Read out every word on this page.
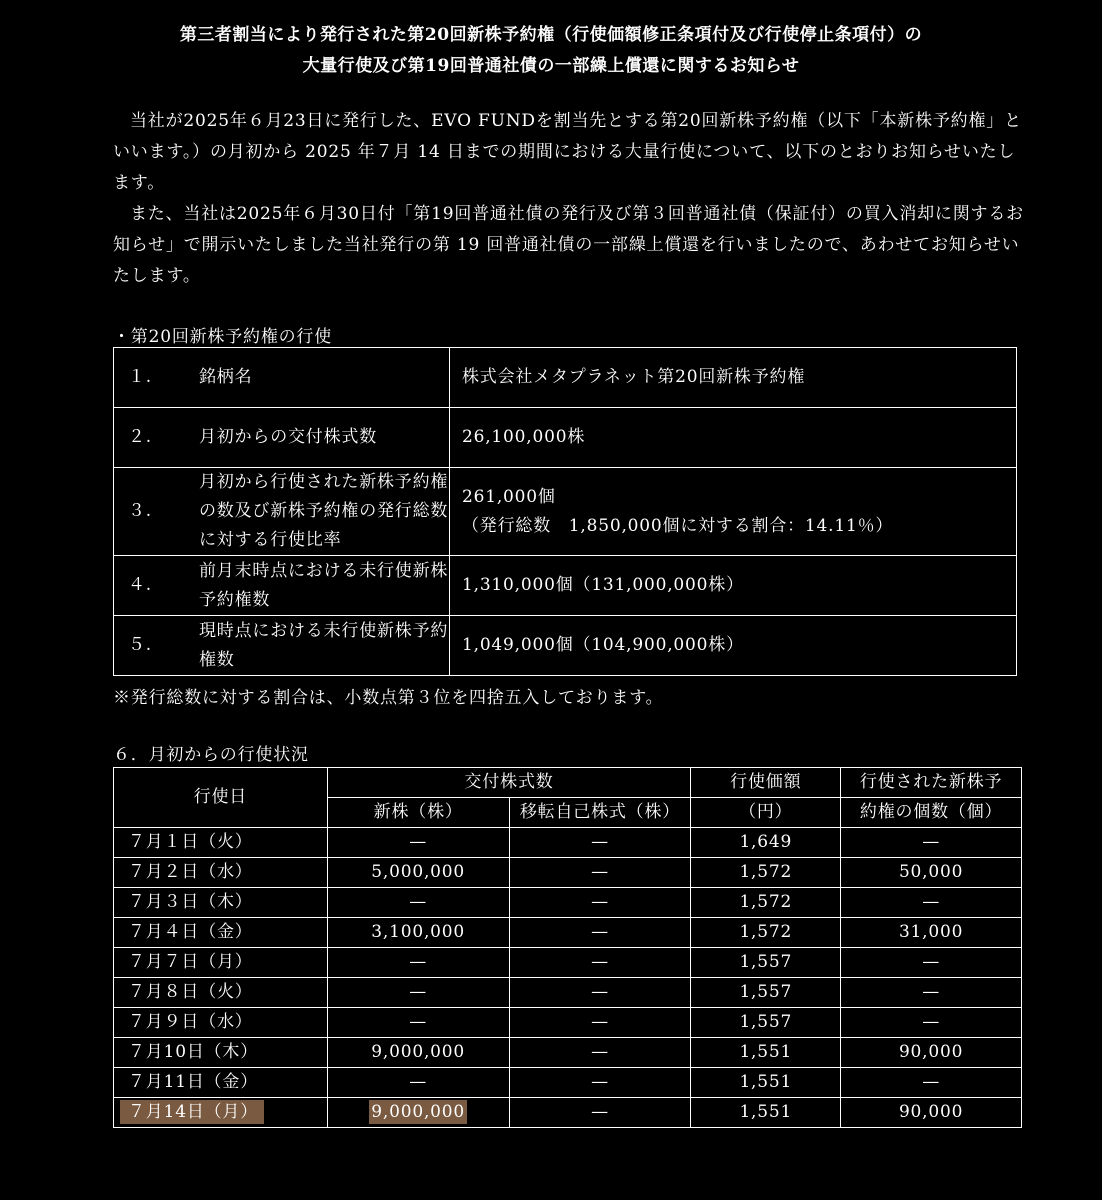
第三者割当により発行された第20回新株予約権（行使価額修正条項付及び行使停止条項付）の
大量行使及び第19回普通社債の一部繰上償還に関するお知らせ

当社が2025年６月23日に発行した、EVO FUNDを割当先とする第20回新株予約権（以下「本新株予約権」といいます。）の月初から 2025 年７月 14 日までの期間における大量行使について、以下のとおりお知らせいたします。

また、当社は2025年６月30日付「第19回普通社債の発行及び第３回普通社債（保証付）の買入消却に関するお知らせ」で開示いたしました当社発行の第 19 回普通社債の一部繰上償還を行いましたので、あわせてお知らせいたします。

・第20回新株予約権の行使
１.	銘柄名	株式会社メタプラネット第20回新株予約権

２.	月初からの交付株式数	26,100,000株

３.	月初から行使された新株予約権の数及び新株予約権の発行総数に対する行使比率	261,000個
（発行総数　1,850,000個に対する割合：14.11％）

４.	前月末時点における未行使新株予約権数	1,310,000個（131,000,000株）

５.	現時点における未行使新株予約権数	1,049,000個（104,900,000株）
※発行総数に対する割合は、小数点第３位を四捨五入しております。
６．月初からの行使状況
行使日	交付株式数		行使価額	行使された新株予
	新株（株）	移転自己株式（株）	（円）	約権の個数（個）
７月１日（火）	—	—	1,649	—
７月２日（水）	5,000,000	—	1,572	50,000
７月３日（木）	—	—	1,572	—
７月４日（金）	3,100,000	—	1,572	31,000
７月７日（月）	—	—	1,557	—
７月８日（火）	—	—	1,557	—
７月９日（水）	—	—	1,557	—
７月10日（木）	9,000,000	—	1,551	90,000
７月11日（金）	—	—	1,551	—
７月14日（月）	9,000,000	—	1,551	90,000
